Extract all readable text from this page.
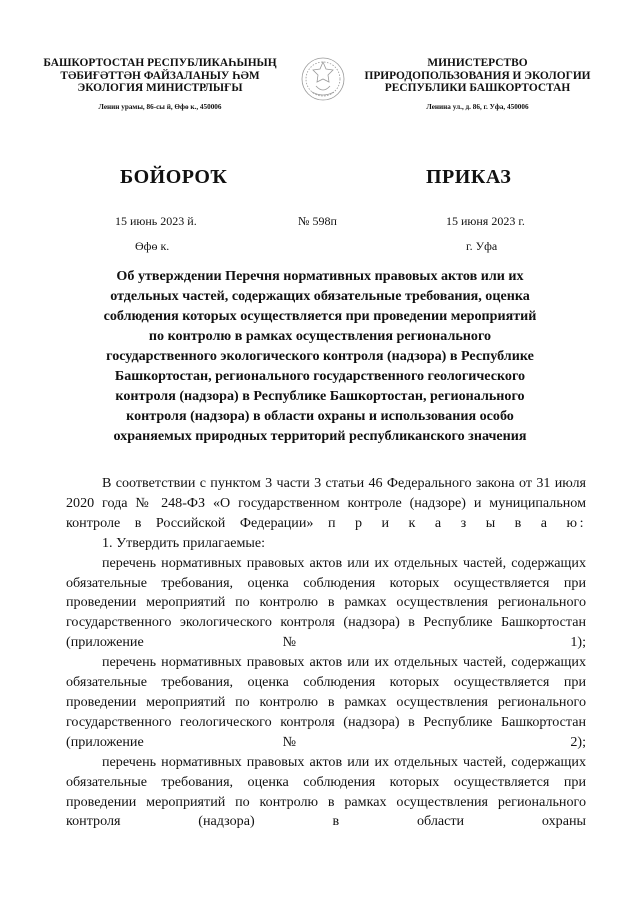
БАШКОРТОСТАН РЕСПУБЛИКАҺЫНЫҢ
ТӘБИҒӘТТӘН ФАЙЗАЛАНЫУ ҺӘМ
ЭКОЛОГИЯ МИНИСТРЛЫҒЫ
Ленин урамы, 86-сы й, Өфө к., 450006
МИНИСТЕРСТВО
ПРИРОДОПОЛЬЗОВАНИЯ И ЭКОЛОГИИ
РЕСПУБЛИКИ БАШКОРТОСТАН
Ленина ул., д. 86, г. Уфа, 450006
БОЙОРОҠ	ПРИКАЗ
15 июнь 2023 й.	№ 598п	15 июня 2023 г.
Өфө к.	г. Уфа
Об утверждении Перечня нормативных правовых актов или их
отдельных частей, содержащих обязательные требования, оценка
соблюдения которых осуществляется при проведении мероприятий
по контролю в рамках осуществления регионального
государственного экологического контроля (надзора) в Республике
Башкортостан, регионального государственного геологического
контроля (надзора) в Республике Башкортостан, регионального
контроля (надзора) в области охраны и использования особо
охраняемых природных территорий республиканского значения

В соответствии с пунктом 3 части 3 статьи 46 Федерального закона от 31 июля 2020 года № 248-ФЗ «О государственном контроле (надзоре) и муниципальном контроле в Российской Федерации» п р и к а з ы в а ю:

1. Утвердить прилагаемые:

перечень нормативных правовых актов или их отдельных частей, содержащих обязательные требования, оценка соблюдения которых осуществляется при проведении мероприятий по контролю в рамках осуществления регионального государственного экологического контроля (надзора) в Республике Башкортостан (приложение № 1);

перечень нормативных правовых актов или их отдельных частей, содержащих обязательные требования, оценка соблюдения которых осуществляется при проведении мероприятий по контролю в рамках осуществления регионального государственного геологического контроля (надзора) в Республике Башкортостан (приложение № 2);

перечень нормативных правовых актов или их отдельных частей, содержащих обязательные требования, оценка соблюдения которых осуществляется при проведении мероприятий по контролю в рамках осуществления регионального контроля (надзора) в области охраны
